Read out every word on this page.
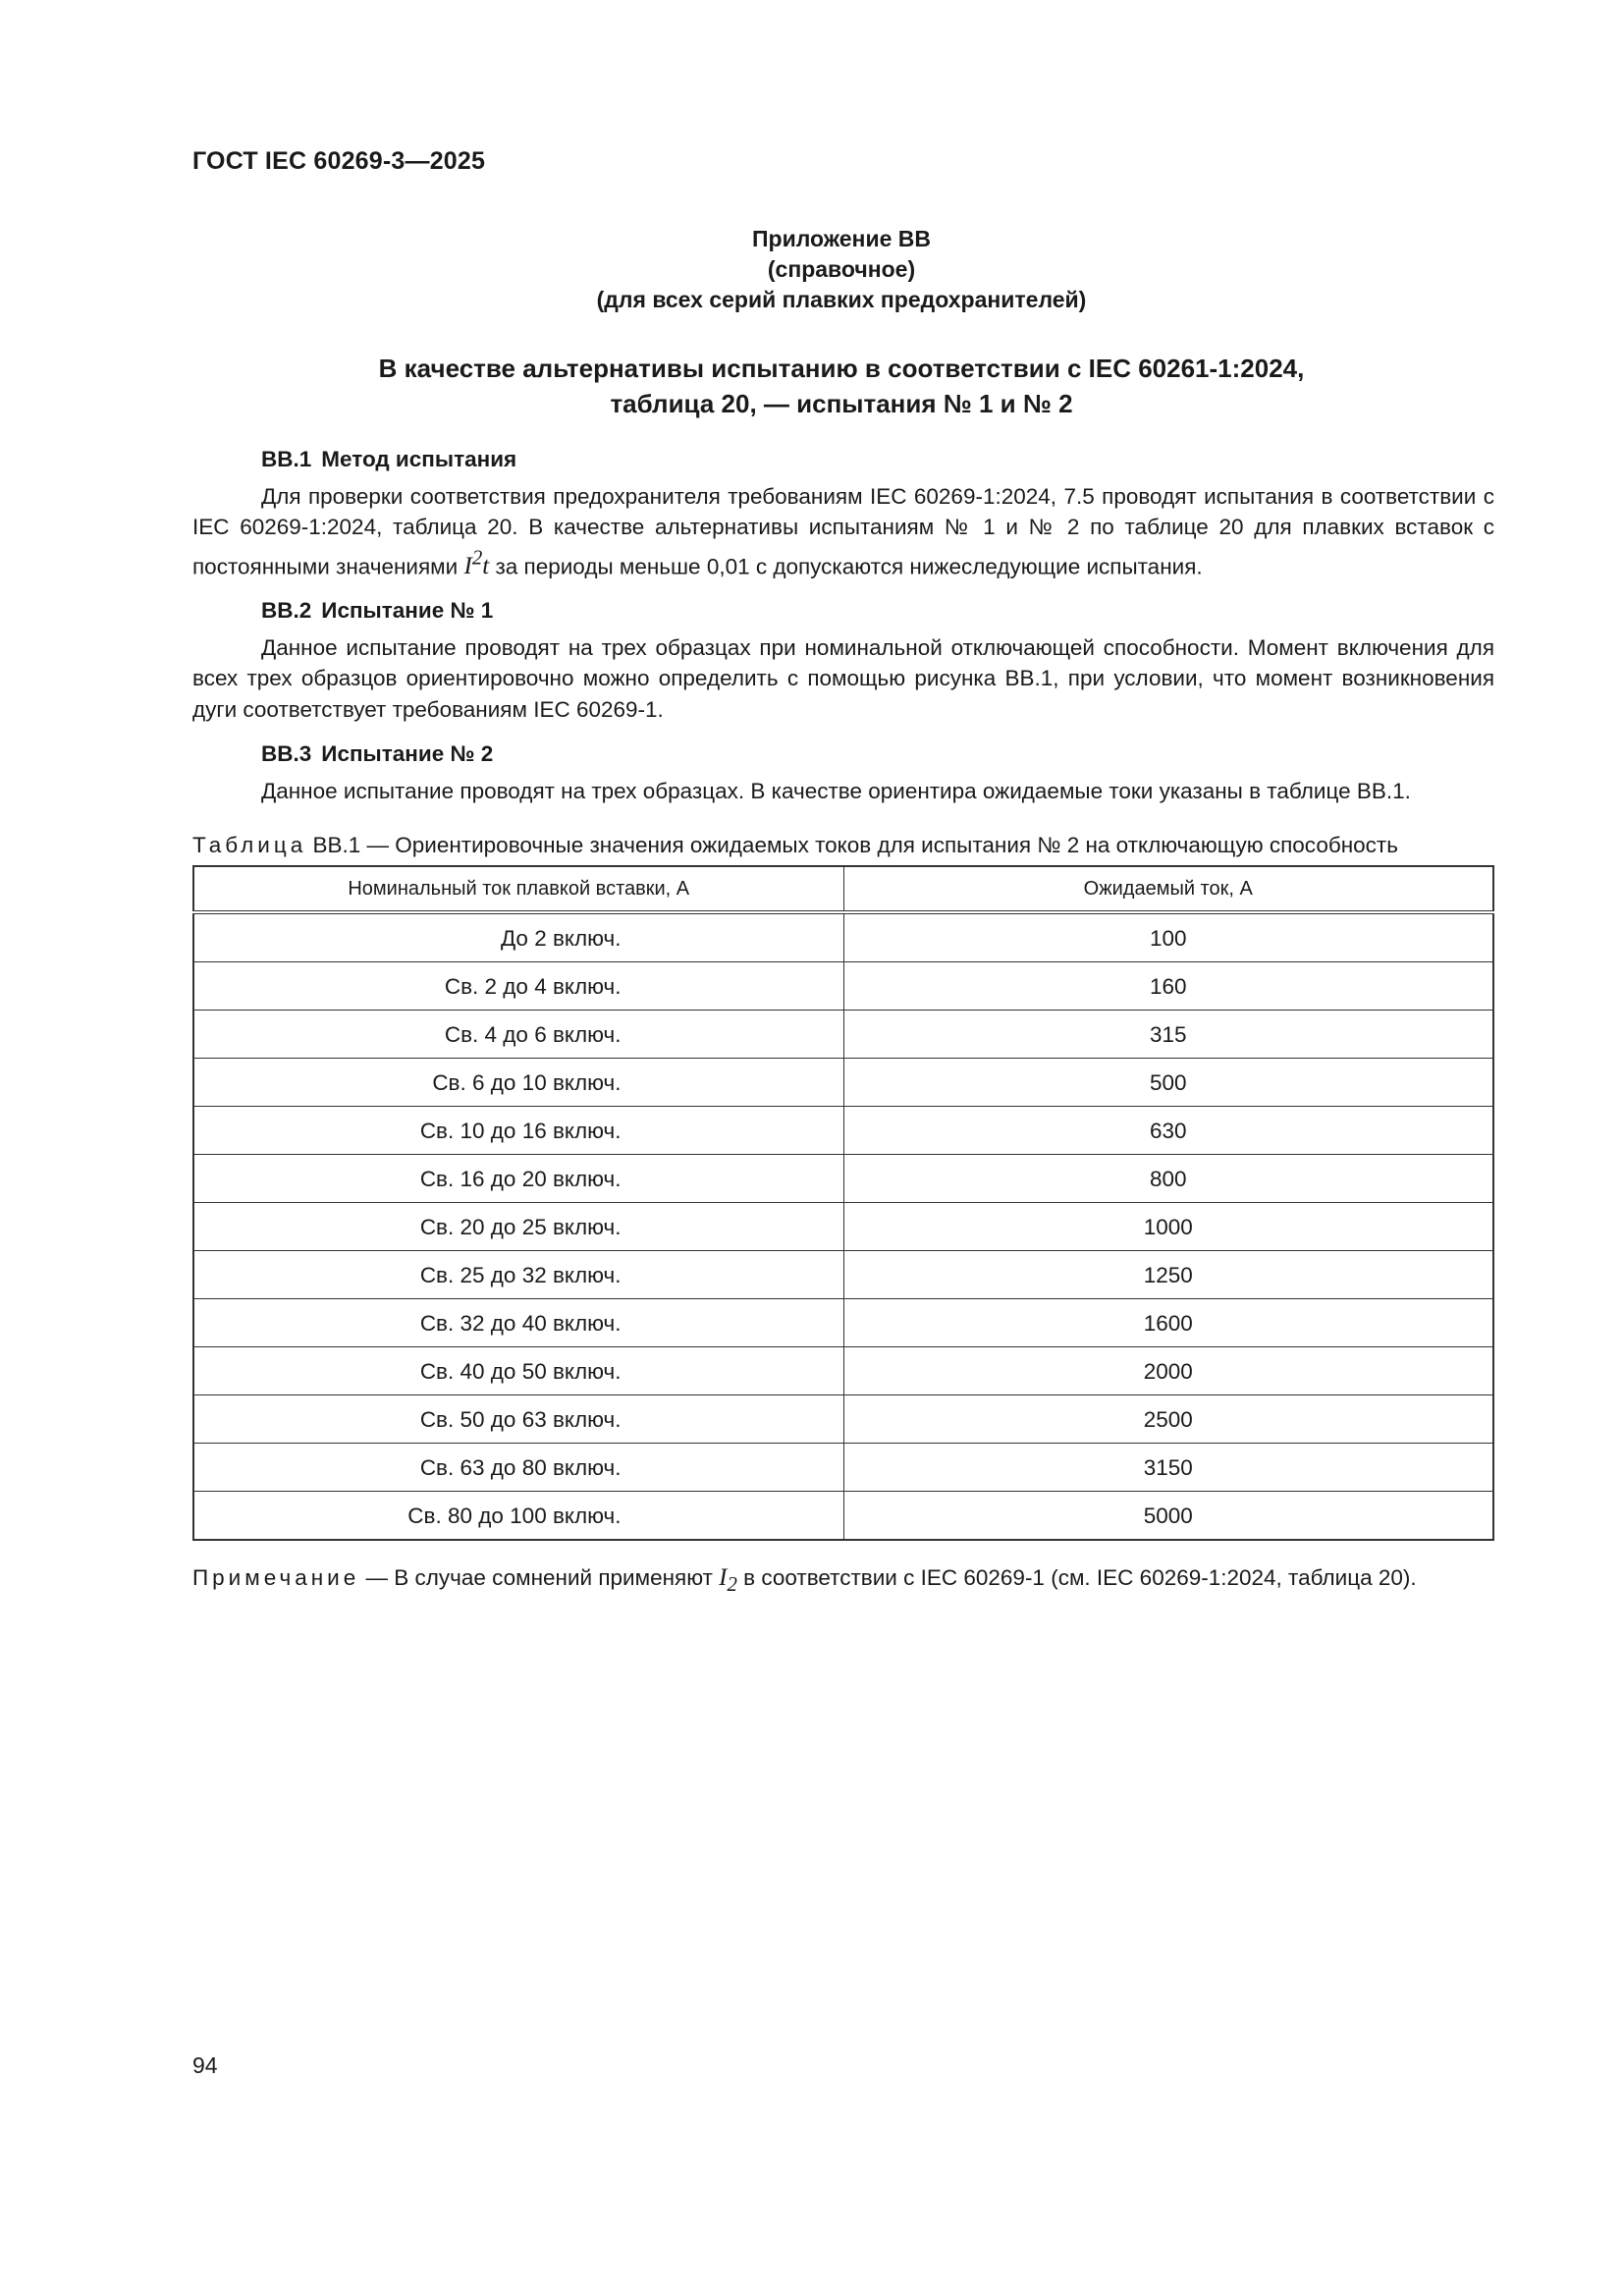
ГОСТ IEC 60269-3—2025
Приложение ВВ
(справочное)
(для всех серий плавких предохранителей)
В качестве альтернативы испытанию в соответствии с IEC 60261-1:2024,
таблица 20, — испытания № 1 и № 2
ВВ.1 Метод испытания

Для проверки соответствия предохранителя требованиям IEC 60269-1:2024, 7.5 проводят испытания в соответствии с IEC 60269-1:2024, таблица 20. В качестве альтернативы испытаниям № 1 и № 2 по таблице 20 для плавких вставок с постоянными значениями $I^2t$ за периоды меньше 0,01 с допускаются нижеследующие испытания.

ВВ.2 Испытание № 1

Данное испытание проводят на трех образцах при номинальной отключающей способности. Момент включения для всех трех образцов ориентировочно можно определить с помощью рисунка ВВ.1, при условии, что момент возникновения дуги соответствует требованиям IEC 60269-1.

ВВ.3 Испытание № 2

Данное испытание проводят на трех образцах. В качестве ориентира ожидаемые токи указаны в таблице ВВ.1.

Таблица ВВ.1 — Ориентировочные значения ожидаемых токов для испытания № 2 на отключающую способность

Номинальный ток плавкой вставки, А	Ожидаемый ток, А
До 2 включ.	100
Св. 2 до 4 включ.	160
Св. 4 до 6 включ.	315
Св. 6 до 10 включ.	500
Св. 10 до 16 включ.	630
Св. 16 до 20 включ.	800
Св. 20 до 25 включ.	1000
Св. 25 до 32 включ.	1250
Св. 32 до 40 включ.	1600
Св. 40 до 50 включ.	2000
Св. 50 до 63 включ.	2500
Св. 63 до 80 включ.	3150
Св. 80 до 100 включ.	5000

Примечание — В случае сомнений применяют $I_2$ в соответствии с IEC 60269-1 (см. IEC 60269-1:2024, таблица 20).

94
